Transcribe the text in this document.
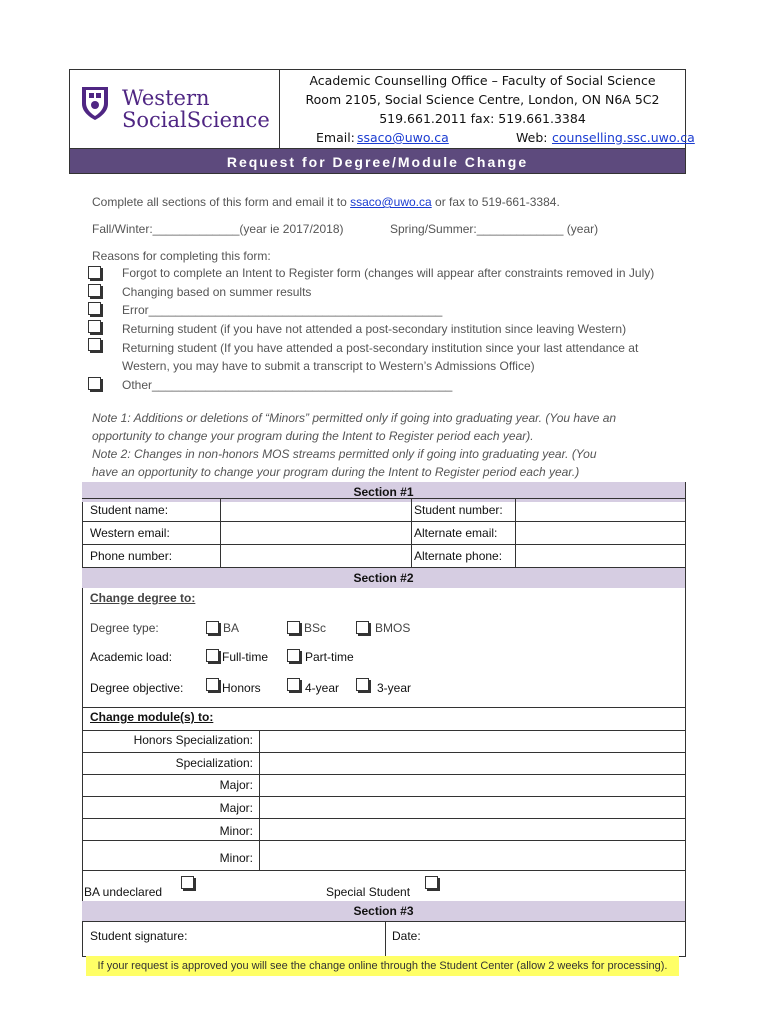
Western
SocialScience
Academic Counselling Office – Faculty of Social Science
Room 2105, Social Science Centre, London, ON N6A 5C2
519.661.2011 fax: 519.661.3384
Email: ssaco@uwo.ca	Web: counselling.ssc.uwo.ca
Request for Degree/Module Change
Complete all sections of this form and email it to ssaco@uwo.ca or fax to 519-661-3384.
Fall/Winter:_____________(year ie 2017/2018)	Spring/Summer:_____________ (year)
Reasons for completing this form:
Forgot to complete an Intent to Register form (changes will appear after constraints removed in July)
Changing based on summer results
Error____________________________________________
Returning student (if you have not attended a post-secondary institution since leaving Western)
Returning student (If you have attended a post-secondary institution since your last attendance at
Western, you may have to submit a transcript to Western’s Admissions Office)
Other_____________________________________________
Note 1: Additions or deletions of “Minors” permitted only if going into graduating year. (You have an
opportunity to change your program during the Intent to Register period each year).
Note 2: Changes in non-honors MOS streams permitted only if going into graduating year. (You
have an opportunity to change your program during the Intent to Register period each year.)
Section #1
Student name:	Student number:
Western email:	Alternate email:
Phone number:	Alternate phone:
Section #2
Change degree to:
Degree type:	BA	BSc	BMOS
Academic load:	Full-time	Part-time
Degree objective:	Honors	4-year	3-year
Change module(s) to:
Honors Specialization:
Specialization:
Major:
Major:
Minor:
Minor:
BA undeclared	Special Student
Section #3
Student signature:	Date:
If your request is approved you will see the change online through the Student Center (allow 2 weeks for processing).
